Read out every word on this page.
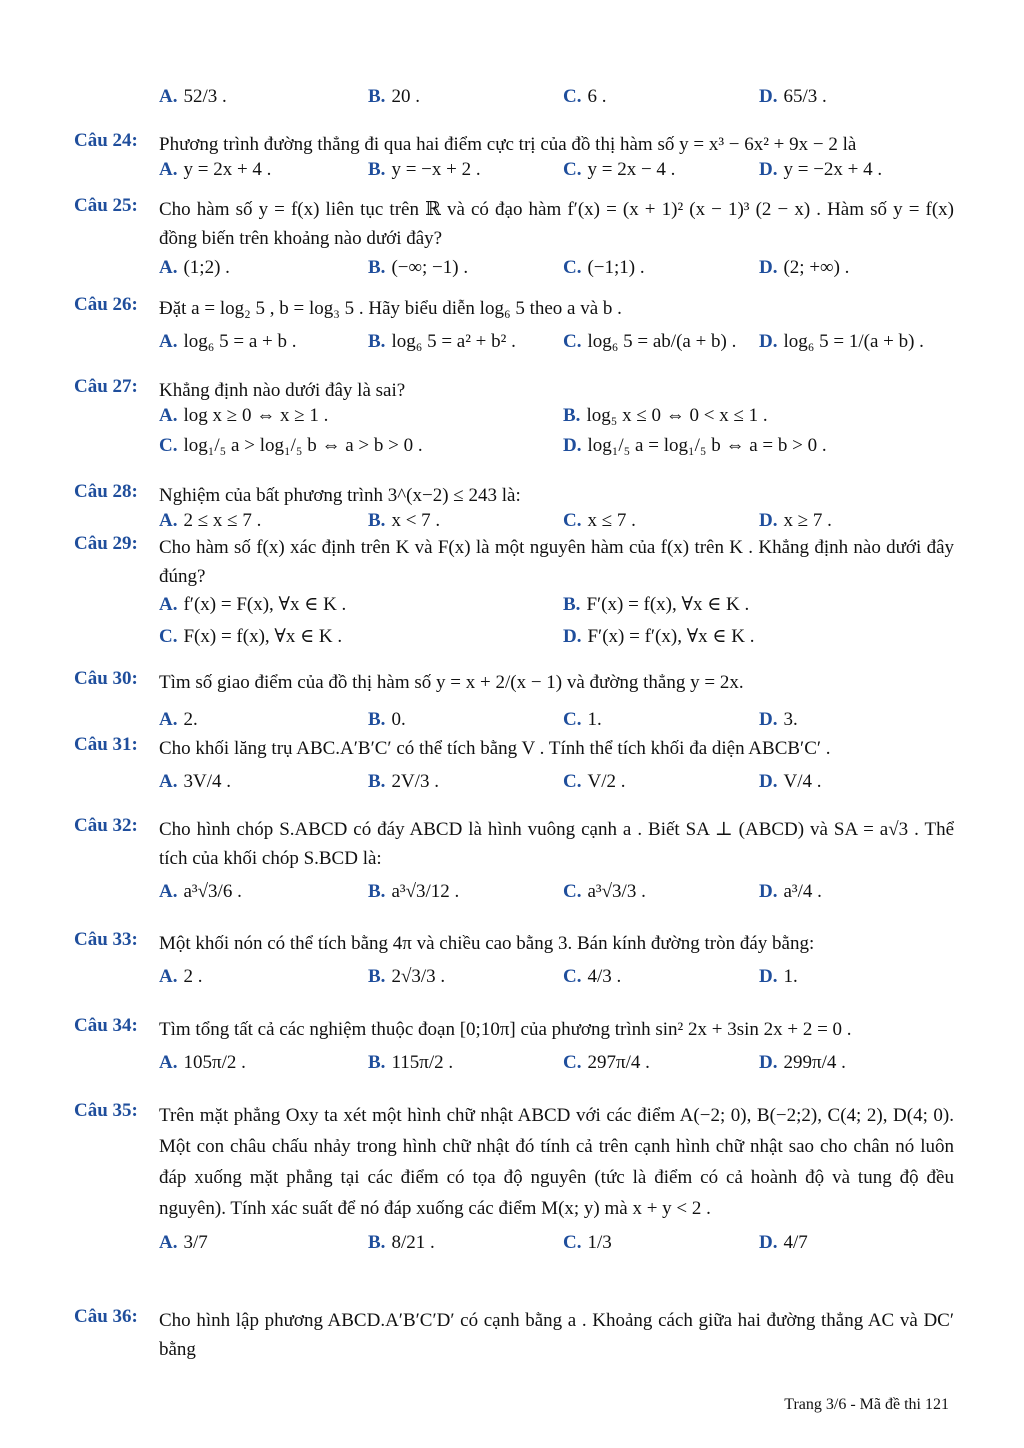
A. 52/3 .	B. 20 .	C. 6 .	D. 65/3 .
Câu 24: Phương trình đường thẳng đi qua hai điểm cực trị của đồ thị hàm số y = x³ − 6x² + 9x − 2 là
A. y = 2x + 4 .	B. y = −x + 2 .	C. y = 2x − 4 .	D. y = −2x + 4 .
Câu 25: Cho hàm số y = f(x) liên tục trên ℝ và có đạo hàm f′(x) = (x + 1)² (x − 1)³ (2 − x) . Hàm số y = f(x) đồng biến trên khoảng nào dưới đây?
A. (1;2) .	B. (−∞; −1) .	C. (−1;1) .	D. (2; +∞) .
Câu 26: Đặt a = log₂ 5 , b = log₃ 5 . Hãy biểu diễn log₆ 5 theo a và b .
A. log₆ 5 = a + b .	B. log₆ 5 = a² + b² . C. log₆ 5 = ab/(a + b) . D. log₆ 5 = 1/(a + b) .
Câu 27: Khẳng định nào dưới đây là sai?
A. log x ≥ 0 ⇔ x ≥ 1 .	B. log₅ x ≤ 0 ⇔ 0 < x ≤ 1 .
C. log₁/₅ a > log₁/₅ b ⇔ a > b > 0 .	D. log₁/₅ a = log₁/₅ b ⇔ a = b > 0 .
Câu 28: Nghiệm của bất phương trình 3^(x−2) ≤ 243 là:
A. 2 ≤ x ≤ 7 .	B. x < 7 .	C. x ≤ 7 .	D. x ≥ 7 .
Câu 29: Cho hàm số f(x) xác định trên K và F(x) là một nguyên hàm của f(x) trên K . Khẳng định nào dưới đây đúng?
A. f′(x) = F(x), ∀x ∈ K .	B. F′(x) = f(x), ∀x ∈ K .
C. F(x) = f(x), ∀x ∈ K .	D. F′(x) = f′(x), ∀x ∈ K .
Câu 30: Tìm số giao điểm của đồ thị hàm số y = x + 2/(x − 1) và đường thẳng y = 2x.
A. 2.	B. 0.	C. 1.	D. 3.
Câu 31: Cho khối lăng trụ ABC.A′B′C′ có thể tích bằng V . Tính thể tích khối đa diện ABCB′C′ .
A. 3V/4 .	B. 2V/3 .	C. V/2 .	D. V/4 .
Câu 32: Cho hình chóp S.ABCD có đáy ABCD là hình vuông cạnh a . Biết SA ⊥ (ABCD) và SA = a√3 . Thể tích của khối chóp S.BCD là:
A. a³√3/6 .	B. a³√3/12 .	C. a³√3/3 .	D. a³/4 .
Câu 33: Một khối nón có thể tích bằng 4π và chiều cao bằng 3. Bán kính đường tròn đáy bằng:
A. 2 .	B. 2√3/3 .	C. 4/3 .	D. 1.
Câu 34: Tìm tổng tất cả các nghiệm thuộc đoạn [0;10π] của phương trình sin² 2x + 3sin 2x + 2 = 0 .
A. 105π/2 .	B. 115π/2 .	C. 297π/4 .	D. 299π/4 .
Câu 35: Trên mặt phẳng Oxy ta xét một hình chữ nhật ABCD với các điểm A(−2; 0), B(−2;2), C(4; 2), D(4; 0). Một con châu chấu nhảy trong hình chữ nhật đó tính cả trên cạnh hình chữ nhật sao cho chân nó luôn đáp xuống mặt phẳng tại các điểm có tọa độ nguyên (tức là điểm có cả hoành độ và tung độ đều nguyên). Tính xác suất để nó đáp xuống các điểm M(x; y) mà x + y < 2 .
A. 3/7	B. 8/21 .	C. 1/3	D. 4/7
Câu 36: Cho hình lập phương ABCD.A′B′C′D′ có cạnh bằng a . Khoảng cách giữa hai đường thẳng AC và DC′ bằng
Trang 3/6 - Mã đề thi 121
